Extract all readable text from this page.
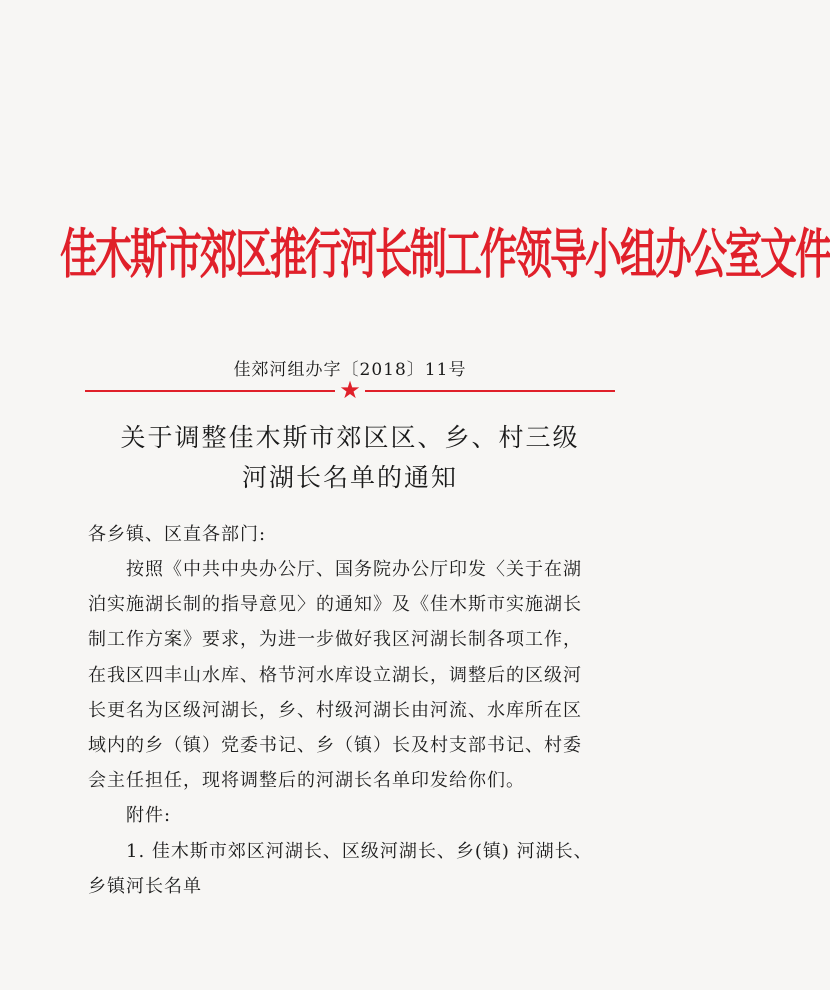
佳木斯市郊区推行河长制工作领导小组办公室文件
佳郊河组办字〔2018〕11号
★
关于调整佳木斯市郊区区、乡、村三级
河湖长名单的通知
各乡镇、区直各部门:
按照《中共中央办公厅、国务院办公厅印发〈关于在湖
泊实施湖长制的指导意见〉的通知》及《佳木斯市实施湖长
制工作方案》要求，为进一步做好我区河湖长制各项工作，
在我区四丰山水库、格节河水库设立湖长，调整后的区级河
长更名为区级河湖长，乡、村级河湖长由河流、水库所在区
域内的乡（镇）党委书记、乡（镇）长及村支部书记、村委
会主任担任，现将调整后的河湖长名单印发给你们。
附件:
1. 佳木斯市郊区河湖长、区级河湖长、乡(镇) 河湖长、
乡镇河长名单
